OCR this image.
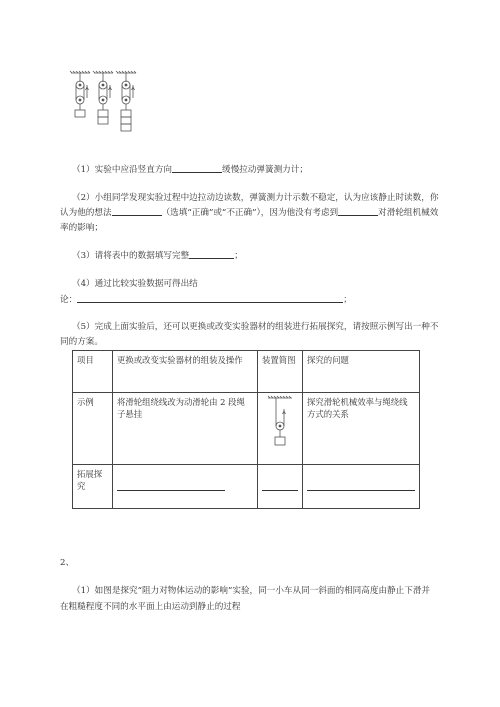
（1）实验中应沿竖直方向	缓慢拉动弹簧测力计；
（2）小组同学发现实验过程中边拉动边读数，弹簧测力计示数不稳定，认为应该静止时读数，你
认为他的想法	（选填“正确”或“不正确”），因为他没有考虑到	对滑轮组机械效
率的影响；
（3）请将表中的数据填写完整	；
（4）通过比较实验数据可得出结
论：	；
（5）完成上面实验后，还可以更换或改变实验器材的组装进行拓展探究，请按照示例写出一种不
同的方案。
项目	更换或改变实验器材的组装及操作	装置简图	探究的问题
示例	将滑轮组绕线改为动滑轮由 2 段绳子悬挂		探究滑轮机械效率与绳绕线方式的关系
拓展探究	

2、
（1）如图是探究“阻力对物体运动的影响”实验，同一小车从同一斜面的相同高度由静止下滑并
在粗糙程度不同的水平面上由运动到静止的过程
